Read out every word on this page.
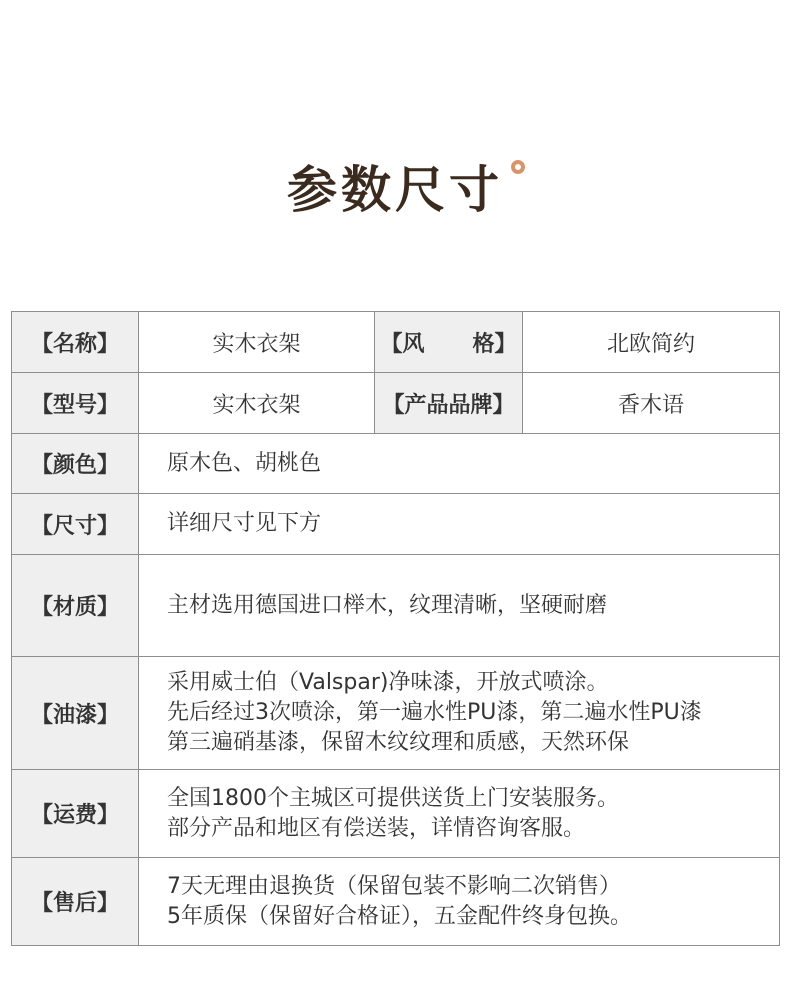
参数尺寸
【名称】	实木衣架	【风 格】	北欧简约
【型号】	实木衣架	【产品品牌】	香木语
【颜色】	原木色、胡桃色		
【尺寸】	详细尺寸见下方		
【材质】	主材选用德国进口榉木，纹理清晰，坚硬耐磨		
【油漆】	采用威士伯（Valspar)净味漆，开放式喷涂。
先后经过3次喷涂，第一遍水性PU漆，第二遍水性PU漆
第三遍硝基漆，保留木纹纹理和质感，天然环保		

【运费】	全国1800个主城区可提供送货上门安装服务。
部分产品和地区有偿送装，详情咨询客服。		

【售后】	7天无理由退换货（保留包装不影响二次销售）
5年质保（保留好合格证），五金配件终身包换。		
